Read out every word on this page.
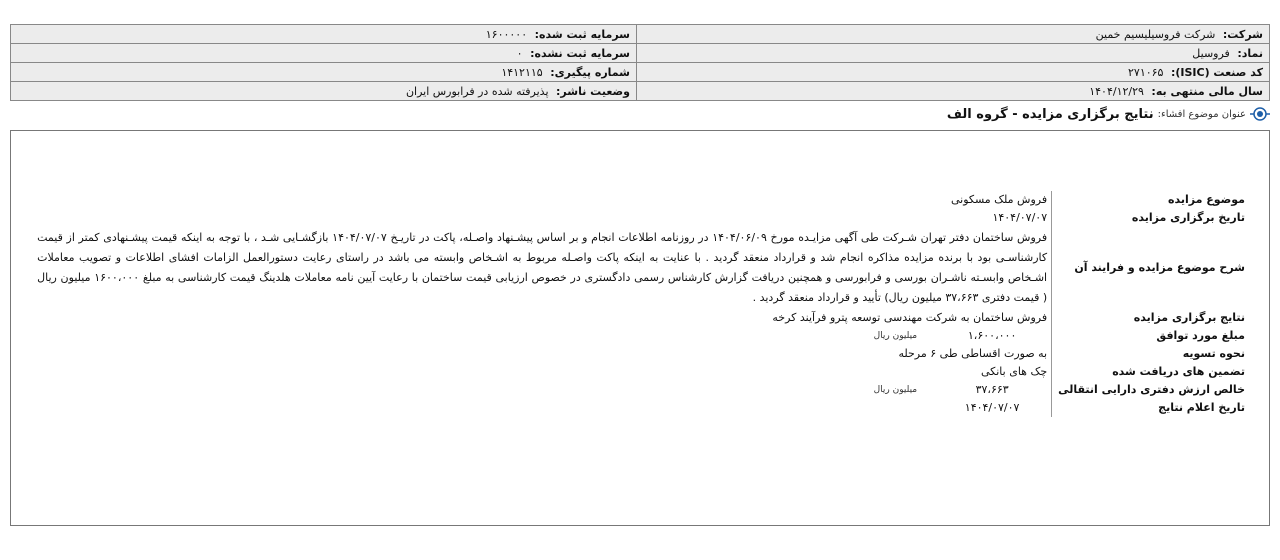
شرکت: شرکت فروسیلیسیم خمین	سرمایه ثبت شده: ۱۶۰۰۰۰۰
نماد: فروسیل	سرمایه ثبت نشده: ۰
کد صنعت (ISIC): ۲۷۱۰۶۵	شماره پیگیری: ۱۴۱۲۱۱۵
سال مالی منتهی به: ۱۴۰۴/۱۲/۲۹	وضعیت ناشر: پذیرفته شده در فرابورس ایران
عنوان موضوع افشاء:
نتایج برگزاری مزایده - گروه الف
موضوع مزایده	فروش ملک مسکونی
تاریخ برگزاری مزایده	۱۴۰۴/۰۷/۰۷
شرح موضوع مزایده و فرایند آن	فروش ساختمان دفتر تهران شـرکت طی آگهی مزایـده مورخ ۱۴۰۴/۰۶/۰۹ در روزنامه اطلاعات انجام و بر اساس پیشـنهاد واصـله، پاکت در تاریـخ ۱۴۰۴/۰۷/۰۷ بازگشـایی شـد ، با توجه به اینکه قیمت پیشـنهادی کمتر از قیمت کارشناسـی بود با برنده مزایده مذاکره انجام شد و قرارداد منعقد گردید . با عنایت به اینکه پاکت واصـله مربوط به اشـخاص وابسته می باشد در راستای رعایت دستورالعمل الزامات افشای اطلاعات و تصویب معاملات اشـخاص وابسـته ناشـران بورسی و فرابورسی و همچنین دریافت گزارش کارشناس رسمی دادگستری در خصوص ارزیابی قیمت ساختمان با رعایت آیین نامه معاملات هلدینگ قیمت کارشناسی به مبلغ ۱۶۰۰،۰۰۰ میلیون ریال ( قیمت دفتری ۳۷،۶۶۳ میلیون ریال) تأیید و قرارداد منعقد گردید .

نتایج برگزاری مزایده	فروش ساختمان به شرکت مهندسی توسعه پترو فرآیند کرخه
مبلغ مورد توافق	۱،۶۰۰،۰۰۰
میلیون ریال

نحوه تسویه	به صورت اقساطی طی ۶ مرحله
تضمین های دریافت شده	چک های بانکی
خالص ارزش دفتری دارایی انتقالی	۳۷،۶۶۳
میلیون ریال

تاریخ اعلام نتایج	۱۴۰۴/۰۷/۰۷
